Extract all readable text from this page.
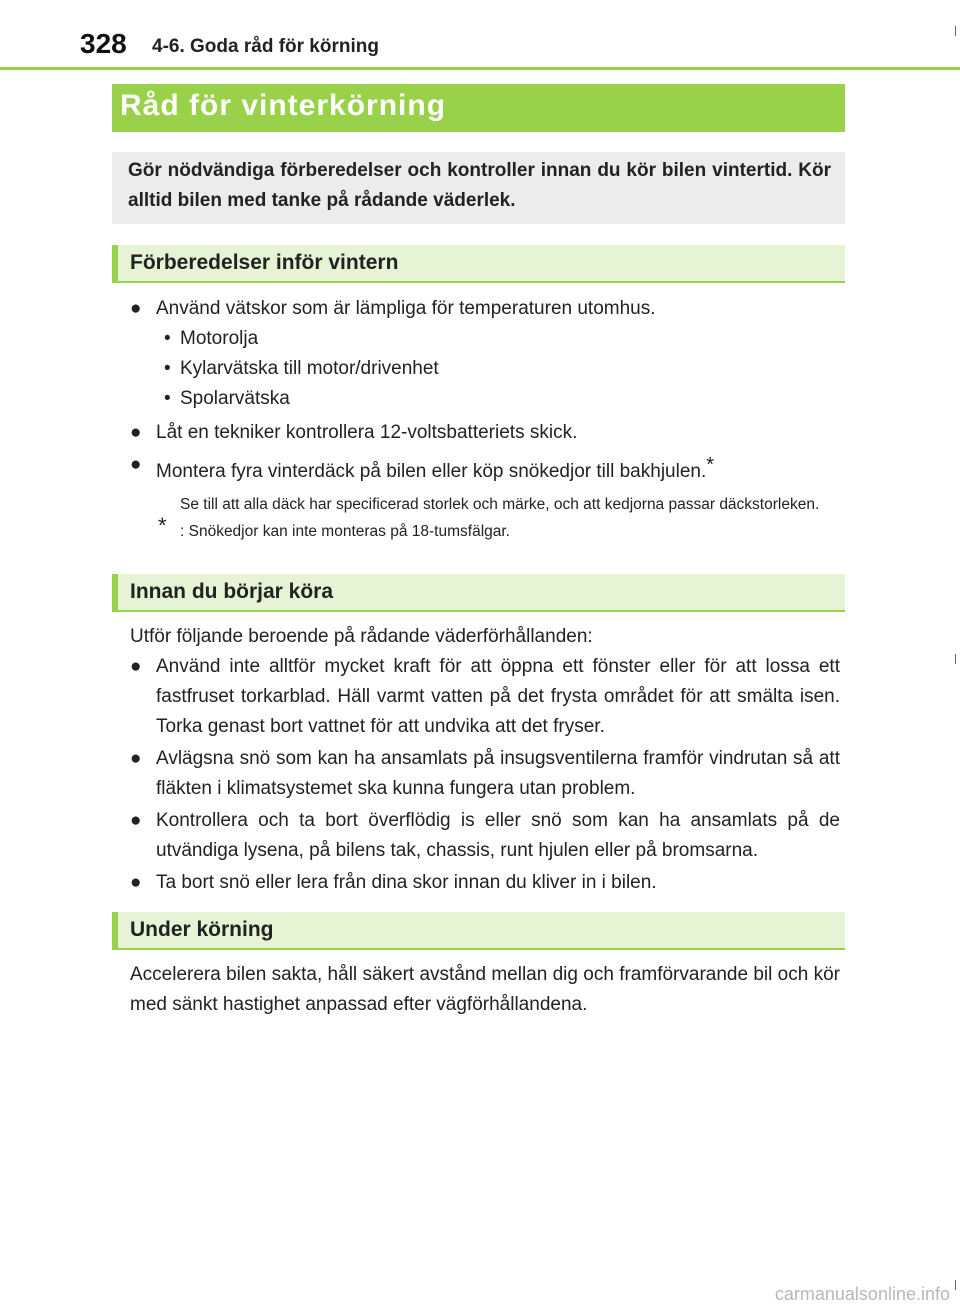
328 4-6. Goda råd för körning
Råd för vinterkörning
Gör nödvändiga förberedelser och kontroller innan du kör bilen vintertid. Kör alltid bilen med tanke på rådande väderlek.
Förberedelser inför vintern
● Använd vätskor som är lämpliga för temperaturen utomhus.
• Motorolja
• Kylarvätska till motor/drivenhet
• Spolarvätska
● Låt en tekniker kontrollera 12-voltsbatteriets skick.
● Montera fyra vinterdäck på bilen eller köp snökedjor till bakhjulen.*
Se till att alla däck har specificerad storlek och märke, och att kedjorna passar däckstorleken.
* : Snökedjor kan inte monteras på 18-tumsfälgar.
Innan du börjar köra
Utför följande beroende på rådande väderförhållanden:
● Använd inte alltför mycket kraft för att öppna ett fönster eller för att lossa ett fastfruset torkarblad. Häll varmt vatten på det frysta området för att smälta isen. Torka genast bort vattnet för att undvika att det fryser.
● Avlägsna snö som kan ha ansamlats på insugsventilerna framför vindrutan så att fläkten i klimatsystemet ska kunna fungera utan problem.
● Kontrollera och ta bort överflödig is eller snö som kan ha ansamlats på de utvändiga lysena, på bilens tak, chassis, runt hjulen eller på bromsarna.
● Ta bort snö eller lera från dina skor innan du kliver in i bilen.
Under körning
Accelerera bilen sakta, håll säkert avstånd mellan dig och framförvarande bil och kör med sänkt hastighet anpassad efter vägförhållandena.
carmanualsonline.info
